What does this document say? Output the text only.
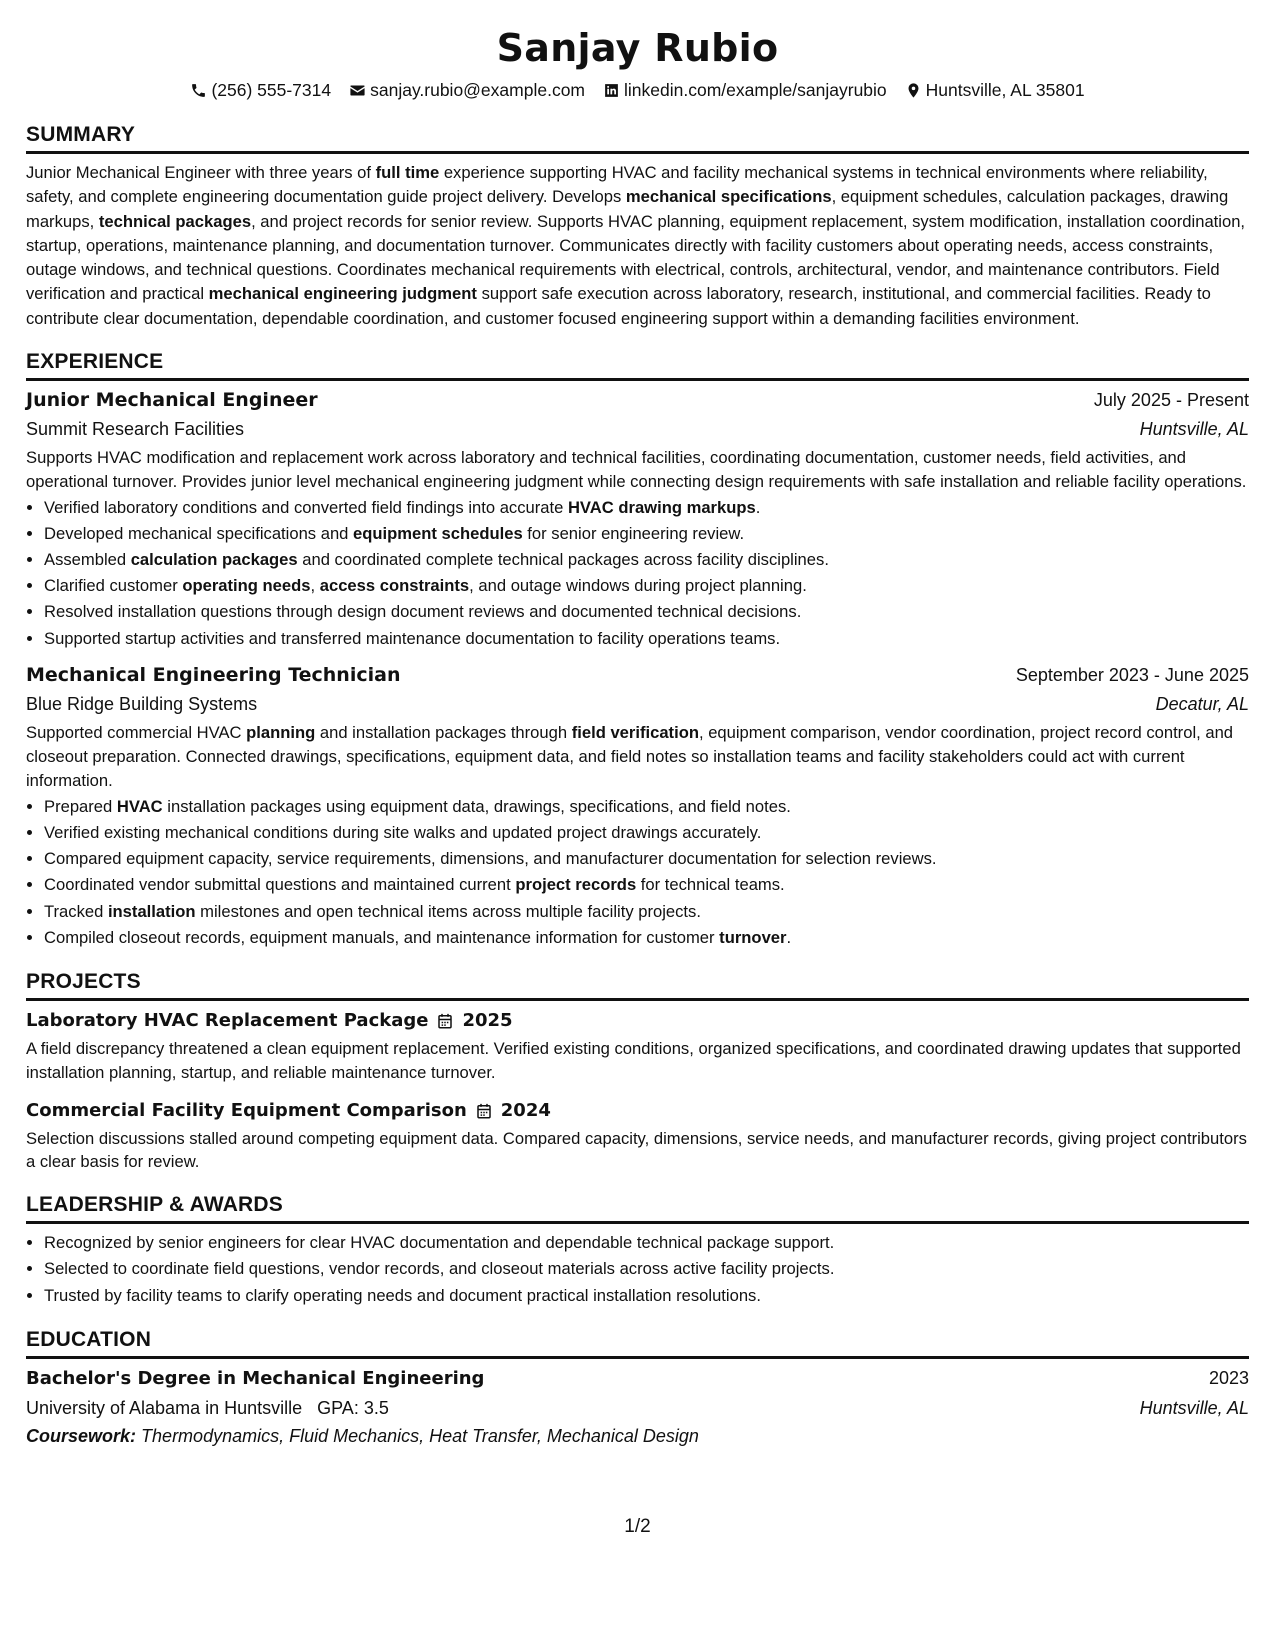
Sanjay Rubio
(256) 555-7314 sanjay.rubio@example.com linkedin.com/example/sanjayrubio Huntsville, AL 35801
SUMMARY

Junior Mechanical Engineer with three years of full time experience supporting HVAC and facility mechanical systems in technical environments where reliability, safety, and complete engineering documentation guide project delivery. Develops mechanical specifications, equipment schedules, calculation packages, drawing markups, technical packages, and project records for senior review. Supports HVAC planning, equipment replacement, system modification, installation coordination, startup, operations, maintenance planning, and documentation turnover. Communicates directly with facility customers about operating needs, access constraints, outage windows, and technical questions. Coordinates mechanical requirements with electrical, controls, architectural, vendor, and maintenance contributors. Field verification and practical mechanical engineering judgment support safe execution across laboratory, research, institutional, and commercial facilities. Ready to contribute clear documentation, dependable coordination, and customer focused engineering support within a demanding facilities environment.

EXPERIENCE
Junior Mechanical Engineer	July 2025 - Present
Summit Research Facilities	Huntsville, AL

Supports HVAC modification and replacement work across laboratory and technical facilities, coordinating documentation, customer needs, field activities, and operational turnover. Provides junior level mechanical engineering judgment while connecting design requirements with safe installation and reliable facility operations.

• Verified laboratory conditions and converted field findings into accurate HVAC drawing markups.
• Developed mechanical specifications and equipment schedules for senior engineering review.
• Assembled calculation packages and coordinated complete technical packages across facility disciplines.
• Clarified customer operating needs, access constraints, and outage windows during project planning.
• Resolved installation questions through design document reviews and documented technical decisions.
• Supported startup activities and transferred maintenance documentation to facility operations teams.
Mechanical Engineering Technician	September 2023 - June 2025
Blue Ridge Building Systems	Decatur, AL

Supported commercial HVAC planning and installation packages through field verification, equipment comparison, vendor coordination, project record control, and closeout preparation. Connected drawings, specifications, equipment data, and field notes so installation teams and facility stakeholders could act with current information.

• Prepared HVAC installation packages using equipment data, drawings, specifications, and field notes.
• Verified existing mechanical conditions during site walks and updated project drawings accurately.
• Compared equipment capacity, service requirements, dimensions, and manufacturer documentation for selection reviews.
• Coordinated vendor submittal questions and maintained current project records for technical teams.
• Tracked installation milestones and open technical items across multiple facility projects.
• Compiled closeout records, equipment manuals, and maintenance information for customer turnover.
PROJECTS
Laboratory HVAC Replacement Package 2025

A field discrepancy threatened a clean equipment replacement. Verified existing conditions, organized specifications, and coordinated drawing updates that supported installation planning, startup, and reliable maintenance turnover.

Commercial Facility Equipment Comparison 2024

Selection discussions stalled around competing equipment data. Compared capacity, dimensions, service needs, and manufacturer records, giving project contributors a clear basis for review.

LEADERSHIP & AWARDS
• Recognized by senior engineers for clear HVAC documentation and dependable technical package support.
• Selected to coordinate field questions, vendor records, and closeout materials across active facility projects.
• Trusted by facility teams to clarify operating needs and document practical installation resolutions.
EDUCATION
Bachelor's Degree in Mechanical Engineering	2023
University of Alabama in Huntsville GPA: 3.5	Huntsville, AL
Coursework: Thermodynamics, Fluid Mechanics, Heat Transfer, Mechanical Design
1/2
